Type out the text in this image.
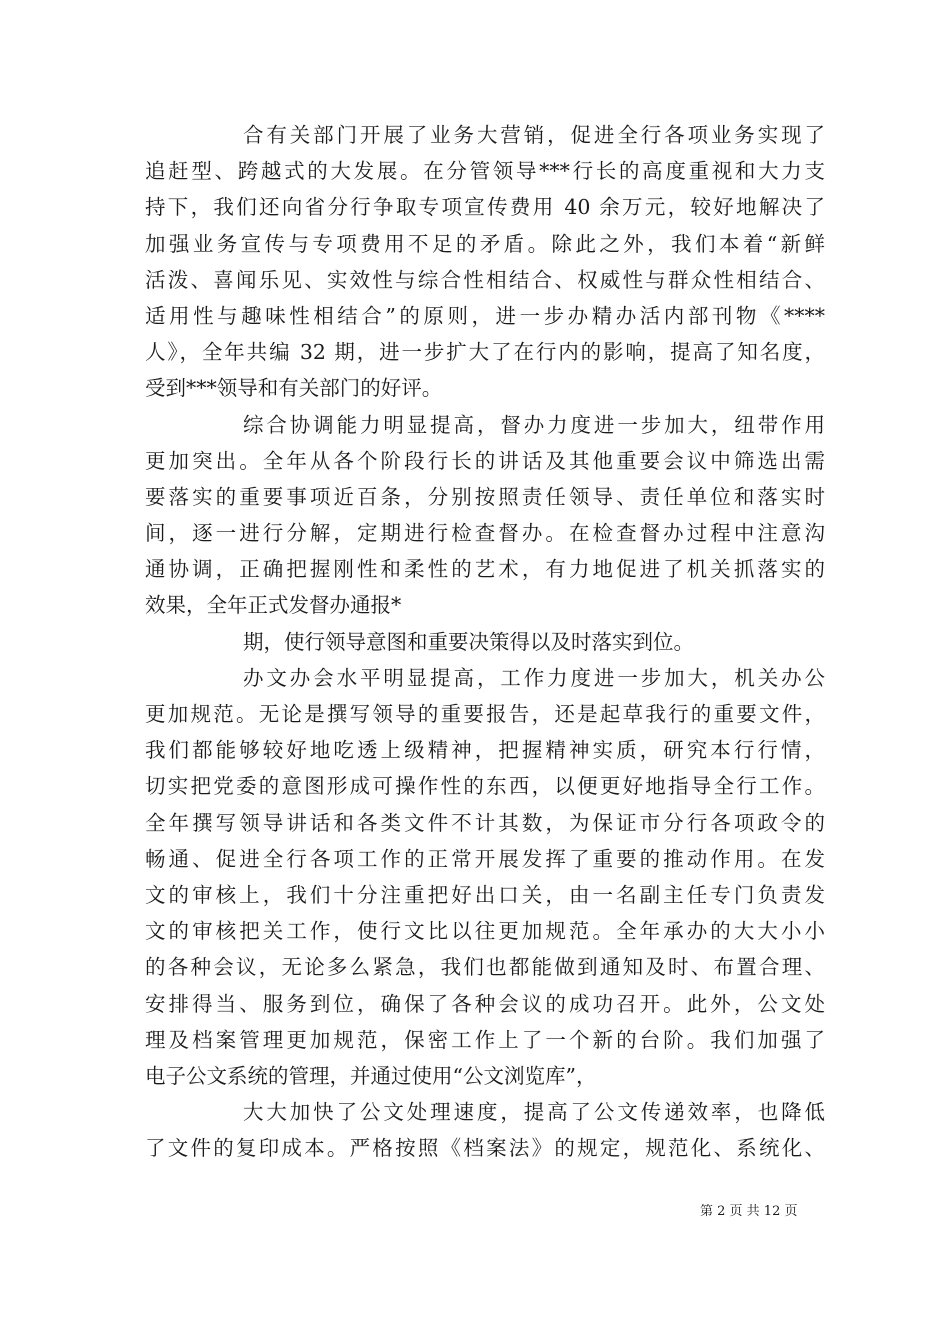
合有关部门开展了业务大营销，促进全行各项业务实现了
追赶型、跨越式的大发展。在分管领导***行长的高度重视和大力支
持下，我们还向省分行争取专项宣传费用 40 余万元，较好地解决了
加强业务宣传与专项费用不足的矛盾。除此之外，我们本着“新鲜
活泼、喜闻乐见、实效性与综合性相结合、权威性与群众性相结合、
适用性与趣味性相结合”的原则，进一步办精办活内部刊物《****
人》，全年共编 32 期，进一步扩大了在行内的影响，提高了知名度，
受到***领导和有关部门的好评。
综合协调能力明显提高，督办力度进一步加大，纽带作用
更加突出。全年从各个阶段行长的讲话及其他重要会议中筛选出需
要落实的重要事项近百条，分别按照责任领导、责任单位和落实时
间，逐一进行分解，定期进行检查督办。在检查督办过程中注意沟
通协调，正确把握刚性和柔性的艺术，有力地促进了机关抓落实的
效果，全年正式发督办通报*
期，使行领导意图和重要决策得以及时落实到位。
办文办会水平明显提高，工作力度进一步加大，机关办公
更加规范。无论是撰写领导的重要报告，还是起草我行的重要文件，
我们都能够较好地吃透上级精神，把握精神实质，研究本行行情，
切实把党委的意图形成可操作性的东西，以便更好地指导全行工作。
全年撰写领导讲话和各类文件不计其数，为保证市分行各项政令的
畅通、促进全行各项工作的正常开展发挥了重要的推动作用。在发
文的审核上，我们十分注重把好出口关，由一名副主任专门负责发
文的审核把关工作，使行文比以往更加规范。全年承办的大大小小
的各种会议，无论多么紧急，我们也都能做到通知及时、布置合理、
安排得当、服务到位，确保了各种会议的成功召开。此外，公文处
理及档案管理更加规范，保密工作上了一个新的台阶。我们加强了
电子公文系统的管理，并通过使用“公文浏览库”，
大大加快了公文处理速度，提高了公文传递效率，也降低
了文件的复印成本。严格按照《档案法》的规定，规范化、系统化、
第 2 页 共 12 页
